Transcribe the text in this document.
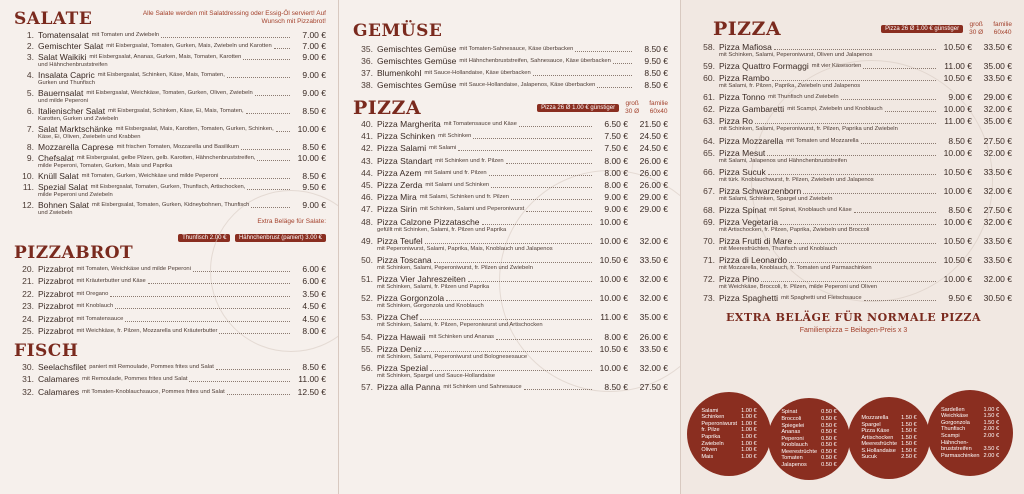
SALATE	Alle Salate werden mit Salatdressing oder Essig-Öl serviert! Auf Wunsch mit Pizzabrot!
1. Tomatensalat mit Tomaten und Zwiebeln	7.00 €
2. Gemischter Salat mit Eisbergsalat, Tomaten, Gurken, Mais, Zwiebeln und Karotten	7.00 €
3. Salat Waikiki mit Eisbergsalat, Ananas, Gurken, Mais, Tomaten, Karotten	9.00 €
und Hähnchenbruststreifen
4. Insalata Capric mit Eisbergsalat, Schinken, Käse, Mais, Tomaten,	9.00 €
Gurken und Thunfisch
5. Bauernsalat mit Eisbergsalat, Weichkäse, Tomaten, Gurken, Oliven, Zwiebeln	9.00 €
und milde Peperoni
6. Italienischer Salat mit Eisbergsalat, Schinken, Käse, Ei, Mais, Tomaten,	8.50 €
Karotten, Gurken und Zwiebeln
7. Salat Marktschänke mit Eisbergsalat, Mais, Karotten, Tomaten, Gurken, Schinken,	10.00 €
Käse, Ei, Oliven, Zwiebeln und Krabben
8. Mozzarella Caprese mit frischen Tomaten, Mozzarella und Basilikum	8.50 €
9. Chefsalat mit Eisbergsalat, gelbe Pilzen, gelb. Karotten, Hähnchenbruststreifen,	10.00 €
milde Peperoni, Tomaten, Gurken, Mais und Paprika
10. Knüll Salat mit Tomaten, Gurken, Weichkäse und milde Peperoni	8.50 €
11. Spezial Salat mit Eisbergsalat, Tomaten, Gurken, Thunfisch, Artischocken,	9.50 €
milde Peperoni und Zwiebeln
12. Bohnen Salat mit Eisbergsalat, Tomaten, Gurken, Kidneybohnen, Thunfisch	9.00 €
und Zwiebeln
Extra Beläge für Salate:
Thunfisch 2.00 € Hähnchenbrust (paniert) 3.00 €
PIZZABROT
20. Pizzabrot mit Tomaten, Weichkäse und milde Peperoni	6.00 €
21. Pizzabrot mit Kräuterbutter und Käse	6.00 €
22. Pizzabrot mit Oregano	3.50 €
23. Pizzabrot mit Knoblauch	4.50 €
24. Pizzabrot mit Tomatensauce	4.50 €
25. Pizzabrot mit Weichkäse, fr. Pilzen, Mozzarella und Kräuterbutter	8.00 €
FISCH
30. Seelachsfilet paniert mit Remoulade, Pommes frites und Salat	8.50 €
31. Calamares mit Remoulade, Pommes frites und Salat	11.00 €
32. Calamares mit Tomaten-Knoblauchsauce, Pommes frites und Salat	12.50 €
GEMÜSE
35. Gemischtes Gemüse mit Tomaten-Sahnesauce, Käse überbacken	8.50 €
36. Gemischtes Gemüse mit Hähnchenbruststreifen, Sahnesauce, Käse überbacken	9.50 €
37. Blumenkohl mit Sauce-Hollandaise, Käse überbacken	8.50 €
38. Gemischtes Gemüse mit Sauce-Hollandaise, Jalapenos, Käse überbacken	8.50 €
PIZZA	Pizza 26 Ø 1.00 € günstiger
groß
30 Ø
familie
60x40
40. Pizza Margherita mit Tomatensauce und Käse	6.50 €	21.50 €
41. Pizza Schinken mit Schinken	7.50 €	24.50 €
42. Pizza Salami mit Salami	7.50 €	24.50 €
43. Pizza Standart mit Schinken und fr. Pilzen	8.00 €	26.00 €
44. Pizza Azem mit Salami und fr. Pilzen	8.00 €	26.00 €
45. Pizza Zerda mit Salami und Schinken	8.00 €	26.00 €
46. Pizza Mira mit Salami, Schinken und fr. Pilzen	9.00 €	29.00 €
47. Pizza Sirin mit Schinken, Salami und Peperoniwurst	9.00 €	29.00 €
48. Pizza Calzone Pizzatasche	10.00 €
gefüllt mit Schinken, Salami, fr. Pilzen und Paprika
49. Pizza Teufel	10.00 €	32.00 €
mit Peperoniwurst, Salami, Paprika, Mais, Knoblauch und Jalapenos
50. Pizza Toscana	10.50 €	33.50 €
mit Schinken, Salami, Peperoniwurst, fr. Pilzen und Zwiebeln
51. Pizza Vier Jahreszeiten	10.00 €	32.00 €
mit Schinken, Salami, fr. Pilzen und Paprika
52. Pizza Gorgonzola	10.00 €	32.00 €
mit Schinken, Gorgonzola und Knoblauch
53. Pizza Chef	11.00 €	35.00 €
mit Schinken, Salami, fr. Pilzen, Peperoniwurst und Artischocken
54. Pizza Hawaii mit Schinken und Ananas	8.00 €	26.00 €
55. Pizza Deniz	10.50 €	33.50 €
mit Schinken, Salami, Peperoniwurst und Bolognesesauce
56. Pizza Spezial	10.00 €	32.00 €
mit Schinken, Spargel und Sauce-Hollandaise
57. Pizza alla Panna mit Schinken und Sahnesauce	8.50 €	27.50 €
PIZZA	Pizza 26 Ø 1.00 € günstiger
groß
30 Ø
familie
60x40
58. Pizza Mafiosa	10.50 €	33.50 €
mit Schinken, Salami, Peperoniwurst, Oliven und Jalapenos
59. Pizza Quattro Formaggi mit vier Käsesorten	11.00 €	35.00 €
60. Pizza Rambo	10.50 €	33.50 €
mit Salami, fr. Pilzen, Paprika, Zwiebeln und Jalapenos
61. Pizza Tonno mit Thunfisch und Zwiebeln	9.00 €	29.00 €
62. Pizza Gambaretti mit Scampi, Zwiebeln und Knoblauch	10.00 €	32.00 €
63. Pizza Ro	11.00 €	35.00 €
mit Schinken, Salami, Peperoniwurst, fr. Pilzen, Paprika und Zwiebeln
64. Pizza Mozzarella mit Tomaten und Mozzarella	8.50 €	27.50 €
65. Pizza Mesut	10.00 €	32.00 €
mit Salami, Jalapenos und Hähnchenbruststreifen
66. Pizza Sucuk	10.50 €	33.50 €
mit türk. Knoblauchwurst, fr. Pilzen, Zwiebeln und Jalapenos
67. Pizza Schwarzenborn	10.00 €	32.00 €
mit Salami, Schinken, Spargel und Zwiebeln
68. Pizza Spinat mit Spinat, Knoblauch und Käse	8.50 €	27.50 €
69. Pizza Vegetaria	10.00 €	32.00 €
mit Artischocken, fr. Pilzen, Paprika, Zwiebeln und Broccoli
70. Pizza Frutti di Mare	10.50 €	33.50 €
mit Meeresfrüchten, Thunfisch und Knoblauch
71. Pizza di Leonardo	10.50 €	33.50 €
mit Mozzarella, Knoblauch, fr. Tomaten und Parmaschinken
72. Pizza Pino	10.00 €	32.00 €
mit Weichkäse, Broccoli, fr. Pilzen, milde Peperoni und Oliven
73. Pizza Spaghetti mit Spaghetti und Fleischsauce	9.50 €	30.50 €
EXTRA BELÄGE FÜR NORMALE PIZZA
Familienpizza = Beilagen-Preis x 3
Salami	1.00 €
Schinken	1.00 €
Peperoniwurst	1.00 €
fr. Pilze	1.00 €
Paprika	1.00 €
Zwiebeln	1.00 €
Oliven	1.00 €
Mais	1.00 €
Spinat	0.50 €
Broccoli	0.50 €
Spiegelei	0.50 €
Ananas	0.50 €
Peperoni	0.50 €
Knoblauch	0.50 €
Meerestrüchte	0.50 €
Tomaten	0.50 €
Jalapenos	0.50 €
Mozzarella	1.50 €
Spargel	1.50 €
Pizza Käse	1.50 €
Artischocken	1.50 €
Meeresfrüchte	1.50 €
S.Hollandaise	1.50 €
Sucuk	2.50 €
Sardellen	1.00 €
Weichkäse	1.50 €
Gorgonzola	1.50 €
Thunfisch	2.00 €
Scampi	2.00 €
Hähnchen-	
bruststreifen	3.50 €
Parmaschinken	2.00 €
